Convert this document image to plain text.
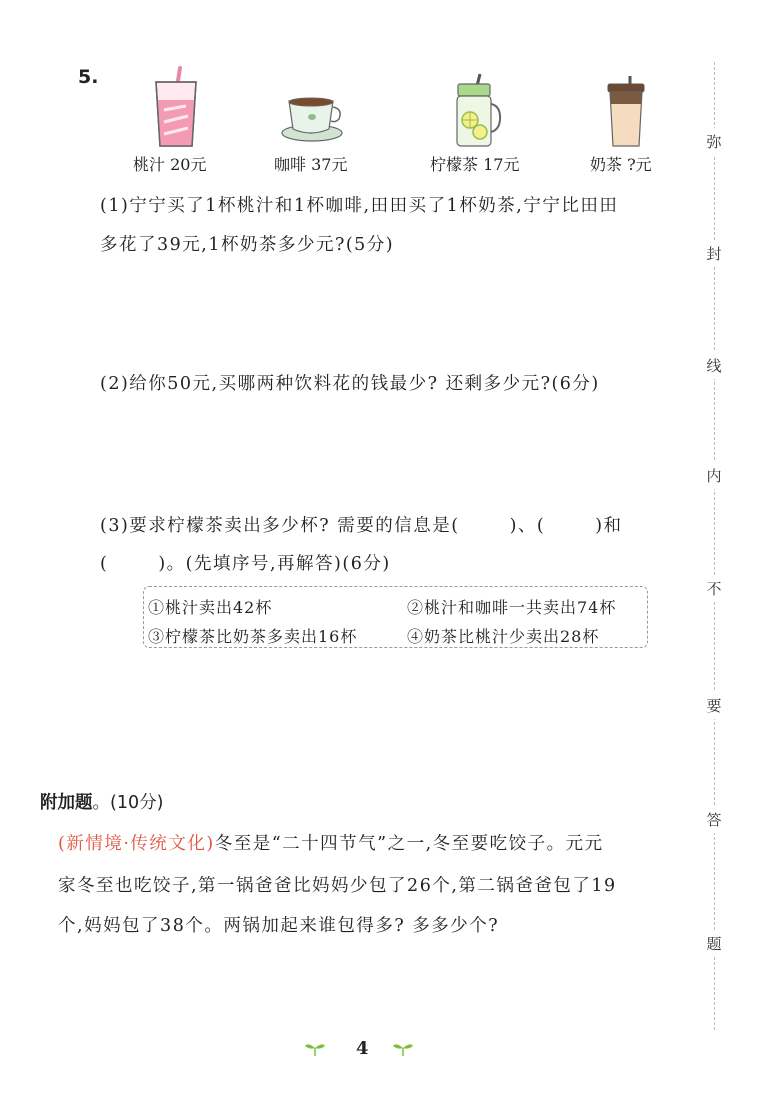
5.
桃汁 20元	咖啡 37元	柠檬茶 17元	奶茶 ?元
(1)宁宁买了1杯桃汁和1杯咖啡,田田买了1杯奶茶,宁宁比田田
多花了39元,1杯奶茶多少元?(5分)
(2)给你50元,买哪两种饮料花的钱最少? 还剩多少元?(6分)
(3)要求柠檬茶卖出多少杯? 需要的信息是(	)、(	)和
(	)。(先填序号,再解答)(6分)
①桃汁卖出42杯	②桃汁和咖啡一共卖出74杯
③柠檬茶比奶茶多卖出16杯	④奶茶比桃汁少卖出28杯
附加题。(10分)
(新情境·传统文化)冬至是“二十四节气”之一,冬至要吃饺子。元元
家冬至也吃饺子,第一锅爸爸比妈妈少包了26个,第二锅爸爸包了19
个,妈妈包了38个。两锅加起来谁包得多? 多多少个?
弥
封
线
内
不
要
答
题
4
